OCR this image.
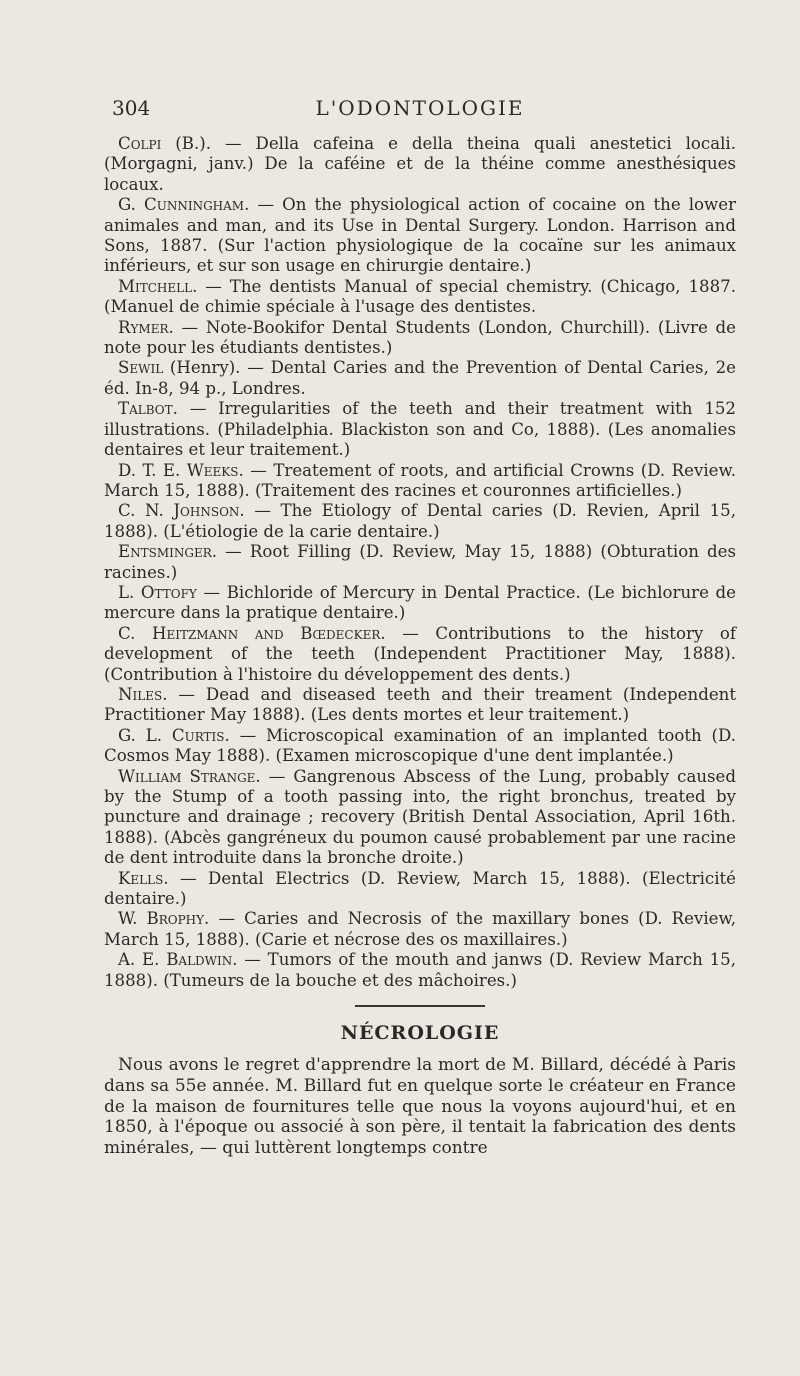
304	L'ODONTOLOGIE

Colpi (B.). — Della cafeina e della theina quali anestetici locali. (Morgagni, janv.) De la caféine et de la théine comme anesthésiques locaux.

G. Cunningham. — On the physiological action of cocaine on the lower animales and man, and its Use in Dental Surgery. London. Harrison and Sons, 1887. (Sur l'action physiologique de la cocaïne sur les animaux inférieurs, et sur son usage en chirurgie dentaire.)

Mitchell. — The dentists Manual of special chemistry. (Chicago, 1887. (Manuel de chimie spéciale à l'usage des dentistes.

Rymer. — Note-Bookifor Dental Students (London, Churchill). (Livre de note pour les étudiants dentistes.)

Sewil (Henry). — Dental Caries and the Prevention of Dental Caries, 2e éd. In-8, 94 p., Londres.

Talbot. — Irregularities of the teeth and their treatment with 152 illustrations. (Philadelphia. Blackiston son and Co, 1888). (Les anomalies dentaires et leur traitement.)

D. T. E. Weeks. — Treatement of roots, and artificial Crowns (D. Review. March 15, 1888). (Traitement des racines et couronnes artificielles.)

C. N. Johnson. — The Etiology of Dental caries (D. Revien, April 15, 1888). (L'étiologie de la carie dentaire.)

Entsminger. — Root Filling (D. Review, May 15, 1888) (Obturation des racines.)

L. Ottofy — Bichloride of Mercury in Dental Practice. (Le bichlorure de mercure dans la pratique dentaire.)

C. Heitzmann and Bœdecker. — Contributions to the history of development of the teeth (Independent Practitioner May, 1888). (Contribution à l'histoire du développement des dents.)

Niles. — Dead and diseased teeth and their treament (Independent Practitioner May 1888). (Les dents mortes et leur traitement.)

G. L. Curtis. — Microscopical examination of an implanted tooth (D. Cosmos May 1888). (Examen microscopique d'une dent implantée.)

William Strange. — Gangrenous Abscess of the Lung, probably caused by the Stump of a tooth passing into, the right bronchus, treated by puncture and drainage ; recovery (British Dental Association, April 16th. 1888). (Abcès gangréneux du poumon causé probablement par une racine de dent introduite dans la bronche droite.)

Kells. — Dental Electrics (D. Review, March 15, 1888). (Electricité dentaire.)

W. Brophy. — Caries and Necrosis of the maxillary bones (D. Review, March 15, 1888). (Carie et nécrose des os maxillaires.)

A. E. Baldwin. — Tumors of the mouth and janws (D. Review March 15, 1888). (Tumeurs de la bouche et des mâchoires.)

NÉCROLOGIE

Nous avons le regret d'apprendre la mort de M. Billard, décédé à Paris dans sa 55e année. M. Billard fut en quelque sorte le créateur en France de la maison de fournitures telle que nous la voyons aujourd'hui, et en 1850, à l'époque ou associé à son père, il tentait la fabrication des dents minérales, — qui luttèrent longtemps contre
